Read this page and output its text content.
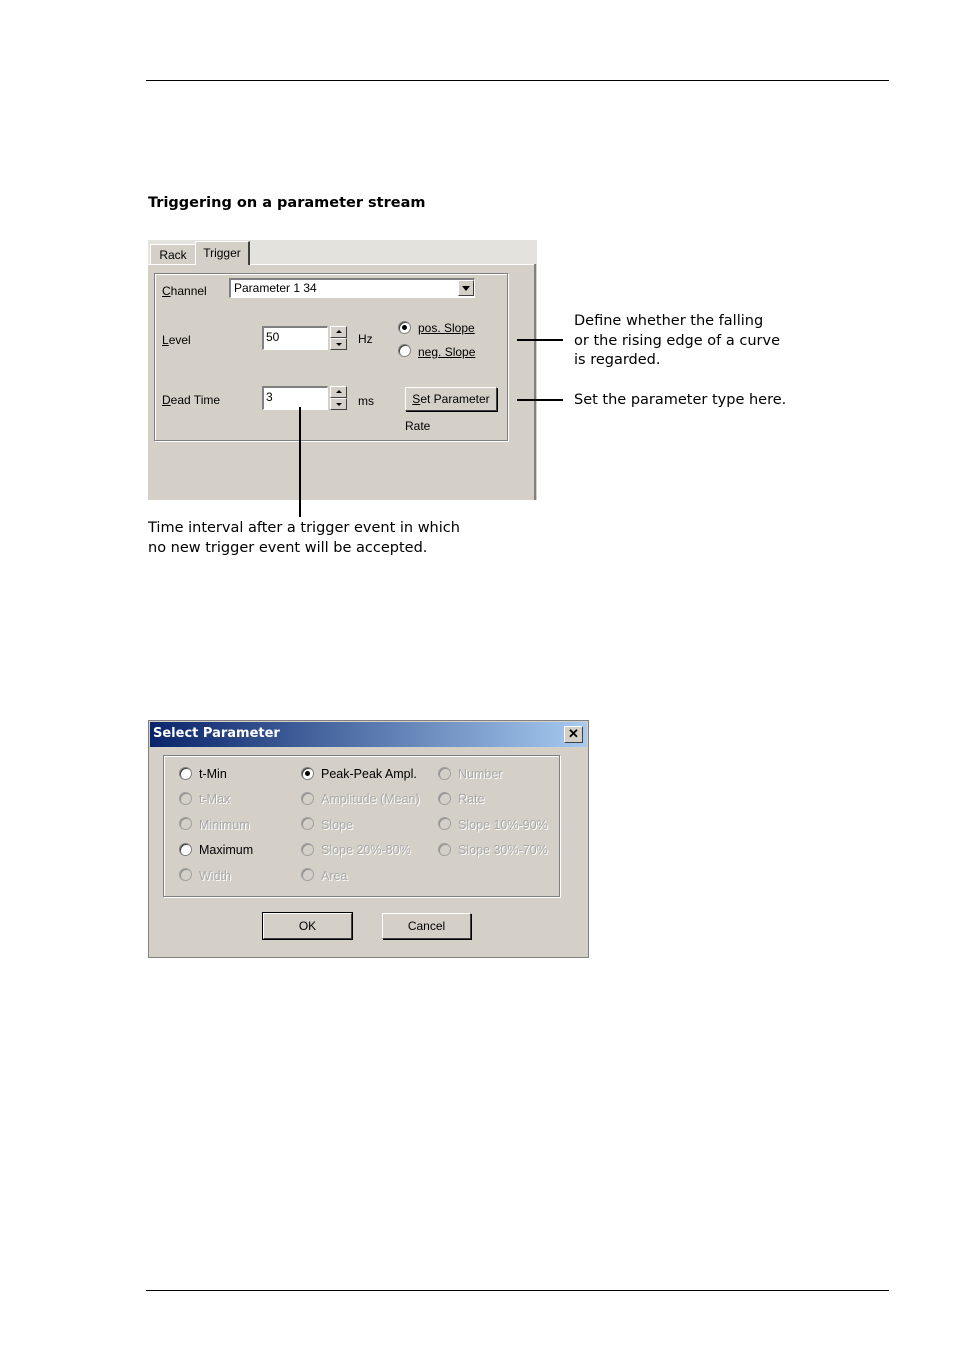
Triggering on a parameter stream
Rack	Trigger
Channel Parameter 1 34
Level	50	Hz
pos. Slope
neg. Slope
Dead Time	3	ms	Set Parameter
Rate
Define whether the falling
or the rising edge of a curve
is regarded.
Set the parameter type here.
Time interval after a trigger event in which
no new trigger event will be accepted.
Select Parameter	✕
t-Min
t-Max
Minimum
Maximum
Width
Peak-Peak Ampl.
Amplitude (Mean)
Slope
Slope 20%-80%
Area
Number
Rate
Slope 10%-90%
Slope 30%-70%
OK	Cancel
